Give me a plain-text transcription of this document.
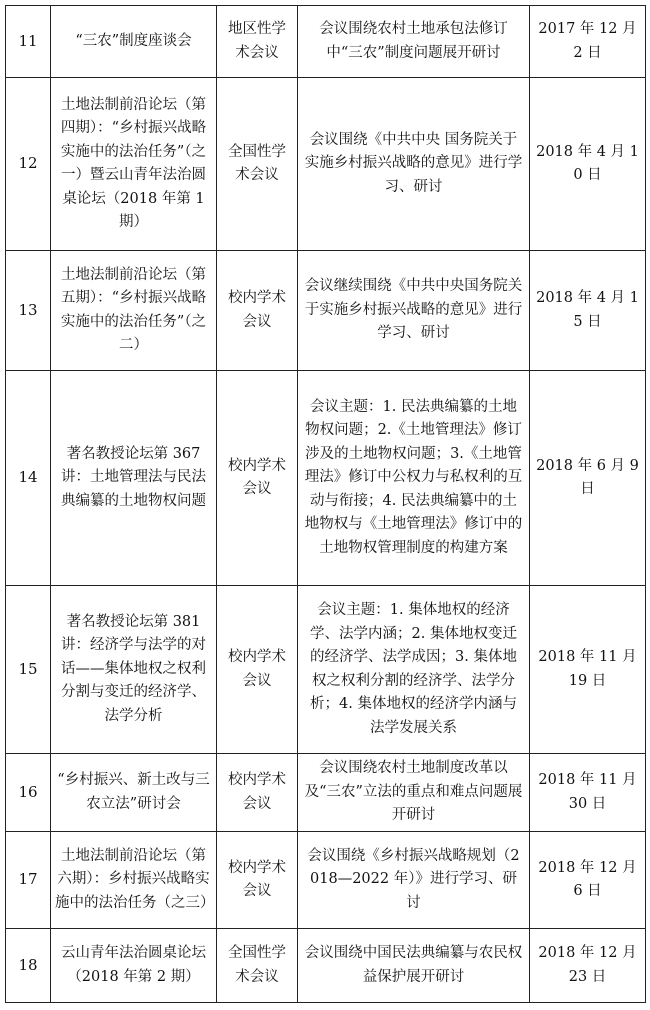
11	“三农”制度座谈会	地区性学术会议	会议围绕农村土地承包法修订中“三农”制度问题展开研讨	2017 年 12 月 2 日
12	土地法制前沿论坛（第四期）：“乡村振兴战略实施中的法治任务”（之一）暨云山青年法治圆桌论坛（2018 年第 1 期）	全国性学术会议	会议围绕《中共中央 国务院关于实施乡村振兴战略的意见》进行学习、研讨	2018 年 4 月 10 日
13	土地法制前沿论坛（第五期）：“乡村振兴战略实施中的法治任务”（之二）	校内学术会议	会议继续围绕《中共中央国务院关于实施乡村振兴战略的意见》进行学习、研讨	2018 年 4 月 15 日
14	著名教授论坛第 367 讲：土地管理法与民法典编纂的土地物权问题	校内学术会议	会议主题：1. 民法典编纂的土地物权问题；2.《土地管理法》修订涉及的土地物权问题；3.《土地管理法》修订中公权力与私权利的互动与衔接；4. 民法典编纂中的土地物权与《土地管理法》修订中的土地物权管理制度的构建方案	2018 年 6 月 9 日
15	著名教授论坛第 381 讲：经济学与法学的对话——集体地权之权利分割与变迁的经济学、法学分析	校内学术会议	会议主题：1. 集体地权的经济学、法学内涵；2. 集体地权变迁的经济学、法学成因；3. 集体地权之权利分割的经济学、法学分析；4. 集体地权的经济学内涵与法学发展关系	2018 年 11 月 19 日
16	“乡村振兴、新土改与三农立法”研讨会	校内学术会议	会议围绕农村土地制度改革以及“三农”立法的重点和难点问题展开研讨	2018 年 11 月 30 日
17	土地法制前沿论坛（第六期）：乡村振兴战略实施中的法治任务（之三）	校内学术会议	会议围绕《乡村振兴战略规划（2018—2022 年）》进行学习、研讨	2018 年 12 月 6 日
18	云山青年法治圆桌论坛（2018 年第 2 期）	全国性学术会议	会议围绕中国民法典编纂与农民权益保护展开研讨	2018 年 12 月 23 日
